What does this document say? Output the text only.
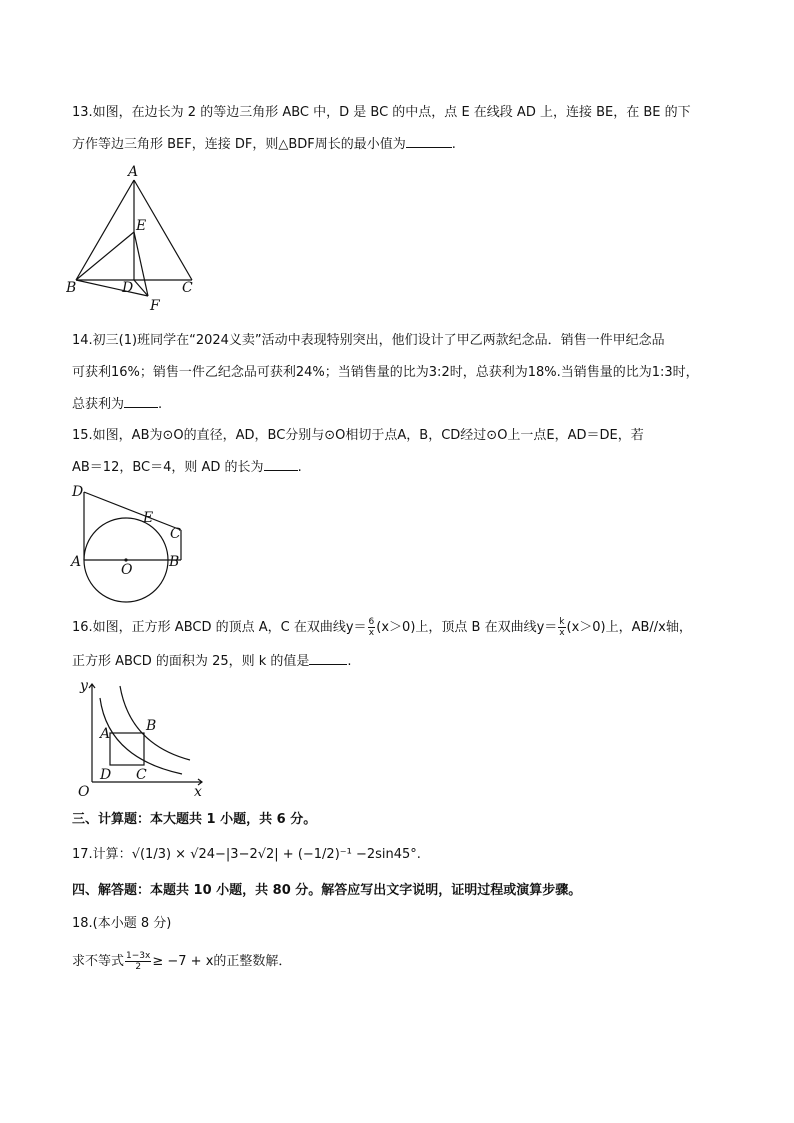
13.如图，在边长为 2 的等边三角形 ABC 中，D 是 BC 的中点，点 E 在线段 AD 上，连接 BE，在 BE 的下
方作等边三角形 BEF，连接 DF，则△BDF周长的最小值为	.
A
E
B	D	C
F
14.初三(1)班同学在“2024义卖”活动中表现特别突出，他们设计了甲乙两款纪念品．销售一件甲纪念品
可获利16%；销售一件乙纪念品可获利24%；当销售量的比为3:2时，总获利为18%.当销售量的比为1:3时，
总获利为	.
15.如图，AB为⊙O的直径，AD，BC分别与⊙O相切于点A，B，CD经过⊙O上一点E，AD＝DE，若
AB＝12，BC＝4，则 AD 的长为	.
D
E
C
A	B
O
16.如图，正方形 ABCD 的顶点 A，C 在双曲线$y= \frac{6}{x} (x>0)$上，顶点 B 在双曲线$y= \frac{k}{x} (x>0)$上，AB//x轴，
正方形 ABCD 的面积为 25，则 k 的值是	.
y
x
O
A	B
D C
三、计算题：本大题共 1 小题，共 6 分。
17.计算：√(1/3) × √24−|3−2√2| + (−1/2)⁻¹ −2sin45°.
四、解答题：本题共 10 小题，共 80 分。解答应写出文字说明，证明过程或演算步骤。
18.(本小题 8 分)
求不等式 $\frac{1-3x}{2} \ge -7 + x$的正整数解．
